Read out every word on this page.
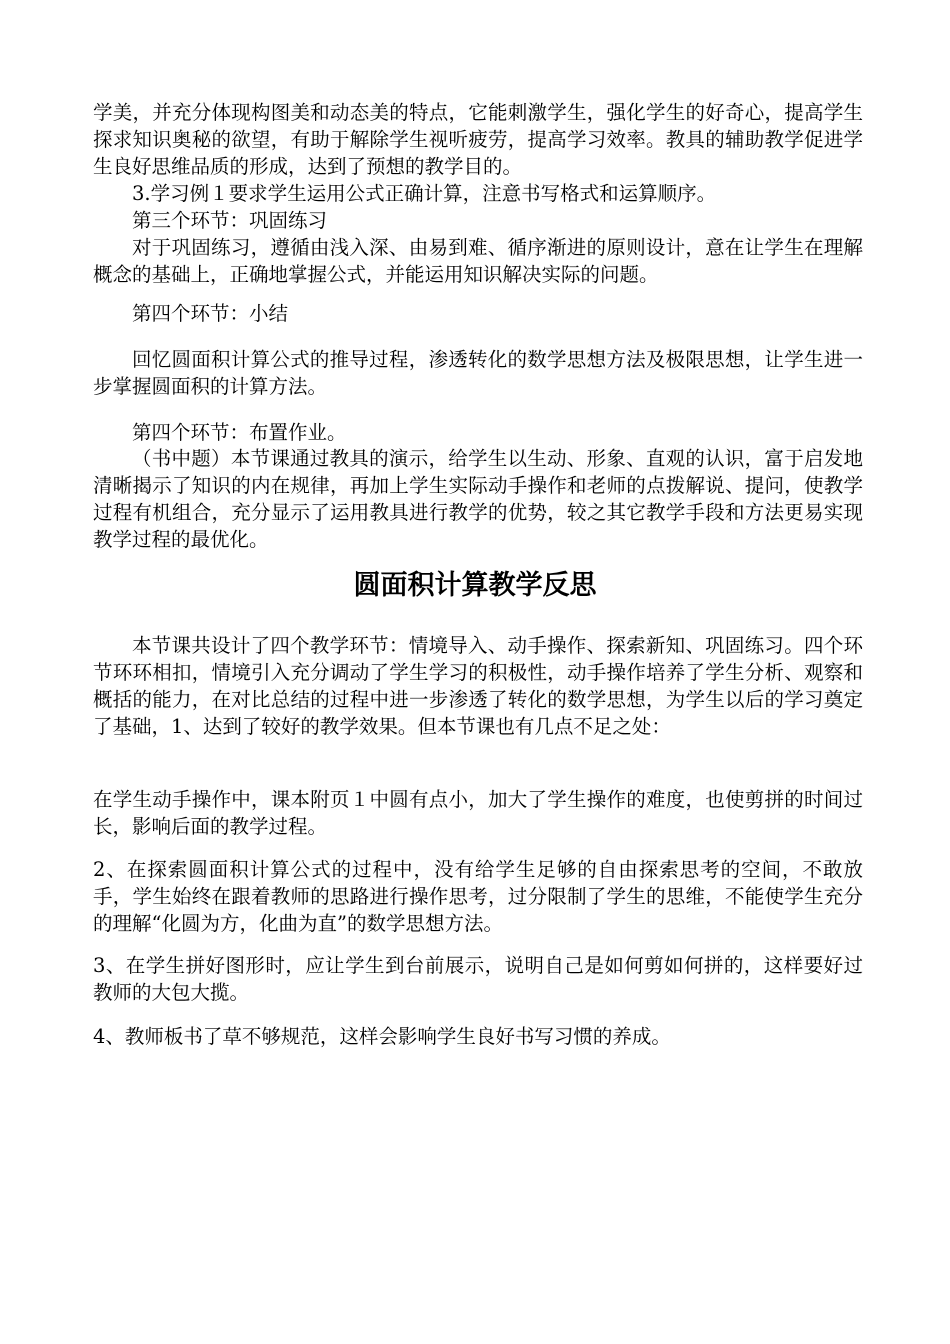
学美，并充分体现构图美和动态美的特点，它能刺激学生，强化学生的好奇心，提高学生探求知识奥秘的欲望，有助于解除学生视听疲劳，提高学习效率。教具的辅助教学促进学生良好思维品质的形成，达到了预想的教学目的。

3.学习例１要求学生运用公式正确计算，注意书写格式和运算顺序。

第三个环节：巩固练习

对于巩固练习，遵循由浅入深、由易到难、循序渐进的原则设计，意在让学生在理解概念的基础上，正确地掌握公式，并能运用知识解决实际的问题。

第四个环节：小结

回忆圆面积计算公式的推导过程，渗透转化的数学思想方法及极限思想，让学生进一步掌握圆面积的计算方法。

第四个环节：布置作业。

（书中题）本节课通过教具的演示，给学生以生动、形象、直观的认识，富于启发地清晰揭示了知识的内在规律，再加上学生实际动手操作和老师的点拨解说、提问，使教学过程有机组合，充分显示了运用教具进行教学的优势，较之其它教学手段和方法更易实现教学过程的最优化。

圆面积计算教学反思

本节课共设计了四个教学环节：情境导入、动手操作、探索新知、巩固练习。四个环节环环相扣，情境引入充分调动了学生学习的积极性，动手操作培养了学生分析、观察和概括的能力，在对比总结的过程中进一步渗透了转化的数学思想，为学生以后的学习奠定了基础，1、达到了较好的教学效果。但本节课也有几点不足之处：

在学生动手操作中，课本附页１中圆有点小，加大了学生操作的难度，也使剪拼的时间过长，影响后面的教学过程。

2、在探索圆面积计算公式的过程中，没有给学生足够的自由探索思考的空间，不敢放手，学生始终在跟着教师的思路进行操作思考，过分限制了学生的思维，不能使学生充分的理解“化圆为方，化曲为直”的数学思想方法。

3、在学生拼好图形时，应让学生到台前展示，说明自己是如何剪如何拼的，这样要好过教师的大包大揽。

4、教师板书了草不够规范，这样会影响学生良好书写习惯的养成。
